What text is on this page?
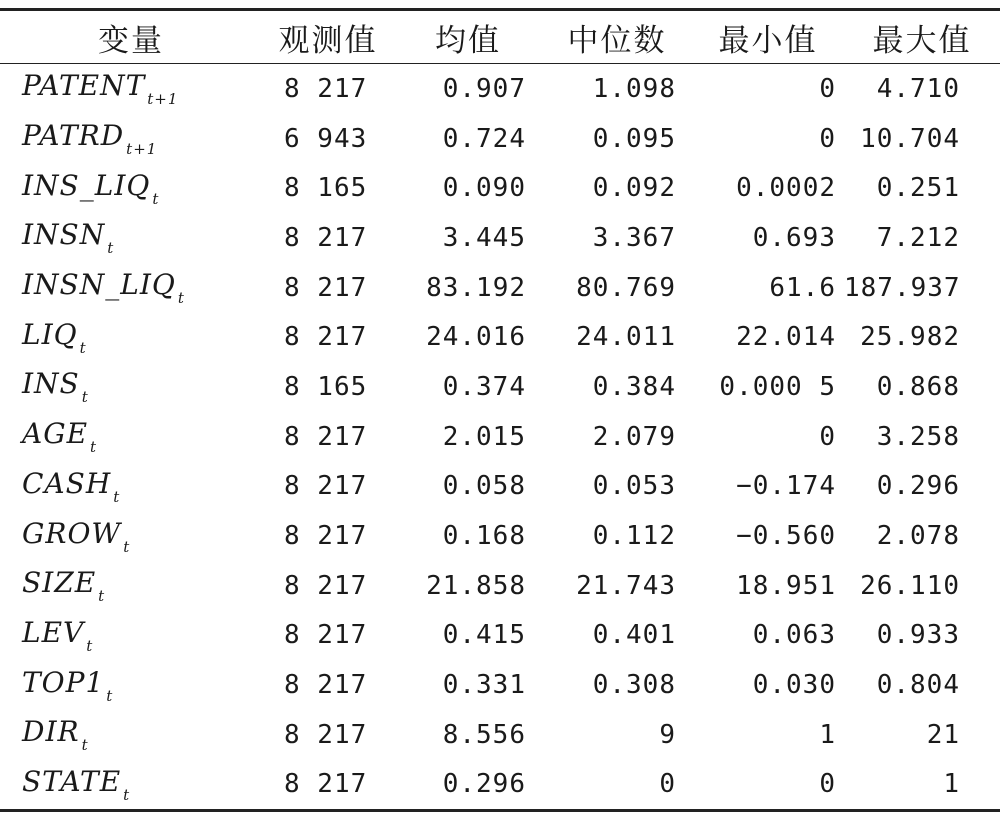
变量	观测值	均值	中位数	最小值	最大值
PATENT $_{t+1}$	8 217	0.907	1.098	0	4.710
PATRD $_{t+1}$	6 943	0.724	0.095	0	10.704
INS_LIQ $_t$	8 165	0.090	0.092	0.0002	0.251
INSN $_t$	8 217	3.445	3.367	0.693	7.212
INSN_LIQ $_t$	8 217	83.192	80.769	61.6	187.937
LIQ $_t$	8 217	24.016	24.011	22.014	25.982
INS $_t$	8 165	0.374	0.384	0.000 5	0.868
AGE $_t$	8 217	2.015	2.079	0	3.258
CASH $_t$	8 217	0.058	0.053	−0.174	0.296
GROW $_t$	8 217	0.168	0.112	−0.560	2.078
SIZE $_t$	8 217	21.858	21.743	18.951	26.110
LEV $_t$	8 217	0.415	0.401	0.063	0.933
TOP1 $_t$	8 217	0.331	0.308	0.030	0.804
DIR $_t$	8 217	8.556	9	1	21
STATE $_t$	8 217	0.296	0	0	1
